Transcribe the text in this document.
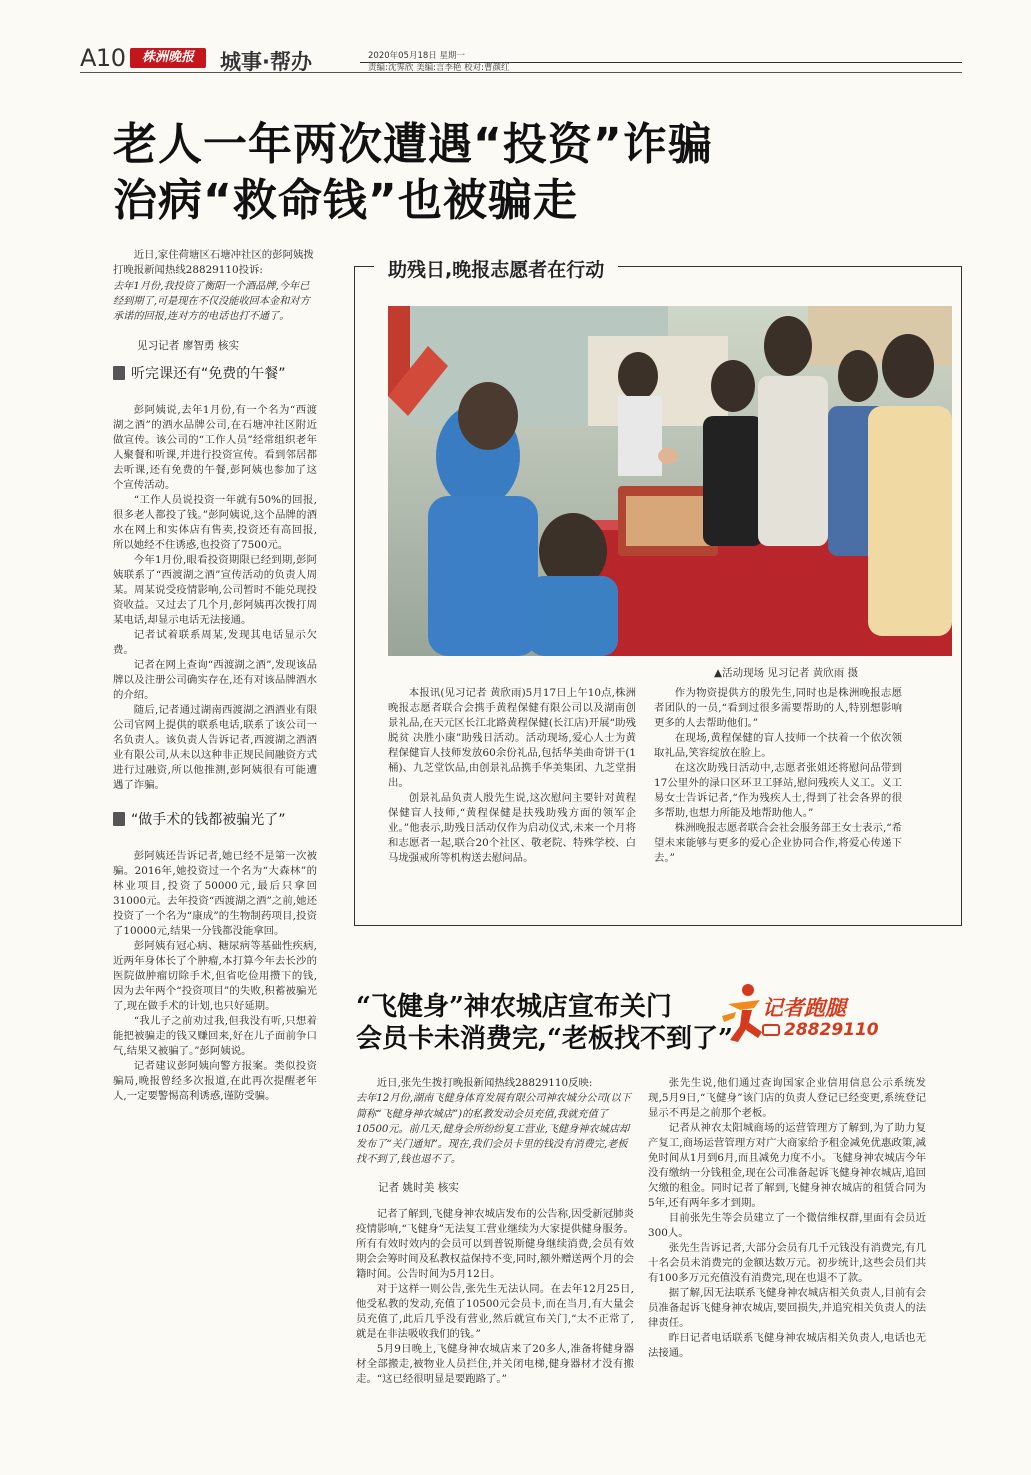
A10	株洲晚报	城事·帮办	2020年05月18日 星期一
责编:沈霁欣 美编:言李艳 校对:曹颜红
老人一年两次遭遇“投资”诈骗
治病“救命钱”也被骗走

近日,家住荷塘区石塘冲社区的彭阿姨拨打晚报新闻热线28829110投诉:

去年1月份,我投资了衡阳一个酒品牌,今年已经到期了,可是现在不仅没能收回本金和对方承诺的回报,连对方的电话也打不通了。

见习记者 廖智勇 核实

听完课还有“免费的午餐”

彭阿姨说,去年1月份,有一个名为“西渡湖之酒”的酒水品牌公司,在石塘冲社区附近做宣传。该公司的“工作人员”经常组织老年人聚餐和听课,并进行投资宣传。看到邻居都去听课,还有免费的午餐,彭阿姨也参加了这个宣传活动。

“工作人员说投资一年就有50%的回报,很多老人都投了钱。”彭阿姨说,这个品牌的酒水在网上和实体店有售卖,投资还有高回报,所以她经不住诱惑,也投资了7500元。

今年1月份,眼看投资期限已经到期,彭阿姨联系了“西渡湖之酒”宣传活动的负责人周某。周某说受疫情影响,公司暂时不能兑现投资收益。又过去了几个月,彭阿姨再次拨打周某电话,却显示电话无法接通。

记者试着联系周某,发现其电话显示欠费。

记者在网上查询“西渡湖之酒”,发现该品牌以及注册公司确实存在,还有对该品牌酒水的介绍。

随后,记者通过湖南西渡湖之酒酒业有限公司官网上提供的联系电话,联系了该公司一名负责人。该负责人告诉记者,西渡湖之酒酒业有限公司,从未以这种非正规民间融资方式进行过融资,所以他推测,彭阿姨很有可能遭遇了诈骗。

“做手术的钱都被骗光了”

彭阿姨还告诉记者,她已经不是第一次被骗。2016年,她投资过一个名为“大森林”的林业项目,投资了50000元,最后只拿回31000元。去年投资“西渡湖之酒”之前,她还投资了一个名为“康成”的生物制药项目,投资了10000元,结果一分钱都没能拿回。

彭阿姨有冠心病、糖尿病等基础性疾病,近两年身体长了个肿瘤,本打算今年去长沙的医院做肿瘤切除手术,但省吃俭用攒下的钱,因为去年两个“投资项目”的失败,积蓄被骗光了,现在做手术的计划,也只好延期。

“我儿子之前劝过我,但我没有听,只想着能把被骗走的钱又赚回来,好在儿子面前争口气,结果又被骗了。”彭阿姨说。

记者建议彭阿姨向警方报案。类似投资骗局,晚报曾经多次报道,在此再次提醒老年人,一定要警惕高利诱惑,谨防受骗。

助残日,晚报志愿者在行动
▲活动现场 见习记者 黄欣雨 摄

本报讯(见习记者 黄欣雨)5月17日上午10点,株洲晚报志愿者联合会携手黄程保健有限公司以及湖南创景礼品,在天元区长江北路黄程保健(长江店)开展“助残脱贫 决胜小康”助残日活动。活动现场,爱心人士为黄程保健盲人技师发放60余份礼品,包括华美曲奇饼干(1桶)、九芝堂饮品,由创景礼品携手华美集团、九芝堂捐出。

创景礼品负责人殷先生说,这次慰问主要针对黄程保健盲人技师,“黄程保健是扶残助残方面的领军企业。”他表示,助残日活动仅作为启动仪式,未来一个月将和志愿者一起,联合20个社区、敬老院、特殊学校、白马垅强戒所等机构送去慰问品。

作为物资提供方的殷先生,同时也是株洲晚报志愿者团队的一员,“看到过很多需要帮助的人,特别想影响更多的人去帮助他们。”

在现场,黄程保健的盲人技师一个扶着一个依次领取礼品,笑容绽放在脸上。

在这次助残日活动中,志愿者张姐还将慰问品带到17公里外的渌口区环卫工驿站,慰问残疾人义工。义工易女士告诉记者,“作为残疾人士,得到了社会各界的很多帮助,也想力所能及地帮助他人。”

株洲晚报志愿者联合会社会服务部王女士表示,“希望未来能够与更多的爱心企业协同合作,将爱心传递下去。”

“飞健身”神农城店宣布关门
会员卡未消费完,“老板找不到了”
记者跑腿
28829110

近日,张先生拨打晚报新闻热线28829110反映:

去年12月份,湖南飞健身体育发展有限公司神农城分公司(以下简称“飞健身神农城店”)的私教发动会员充值,我就充值了10500元。前几天,健身会所纷纷复工营业,飞健身神农城店却发布了“关门通知”。现在,我们会员卡里的钱没有消费完,老板找不到了,钱也退不了。

记者 姚时美 核实

记者了解到,飞健身神农城店发布的公告称,因受新冠肺炎疫情影响,“飞健身”无法复工营业继续为大家提供健身服务。所有有效时效内的会员可以到普锐斯健身继续消费,会员有效期会会筹时间及私教权益保持不变,同时,额外赠送两个月的会籍时间。公告时间为5月12日。

对于这样一则公告,张先生无法认同。在去年12月25日,他受私教的发动,充值了10500元会员卡,而在当月,有大量会员充值了,此后几乎没有营业,然后就宣布关门,“太不正常了,就是在非法吸收我们的钱。”

5月9日晚上,飞健身神农城店来了20多人,准备将健身器材全部搬走,被物业人员拦住,并关闭电梯,健身器材才没有搬走。“这已经很明显是要跑路了。”

张先生说,他们通过查询国家企业信用信息公示系统发现,5月9日,“飞健身”该门店的负责人登记已经变更,系统登记显示不再是之前那个老板。

记者从神农太阳城商场的运营管理方了解到,为了助力复产复工,商场运营管理方对广大商家给予租金减免优惠政策,减免时间从1月到6月,而且减免力度不小。飞健身神农城店今年没有缴纳一分钱租金,现在公司准备起诉飞健身神农城店,追回欠缴的租金。同时记者了解到,飞健身神农城店的租赁合同为5年,还有两年多才到期。

目前张先生等会员建立了一个微信维权群,里面有会员近300人。

张先生告诉记者,大部分会员有几千元钱没有消费完,有几十名会员未消费完的金额达数万元。初步统计,这些会员们共有100多万元充值没有消费完,现在也退不了款。

据了解,因无法联系飞健身神农城店相关负责人,目前有会员准备起诉飞健身神农城店,要回损失,并追究相关负责人的法律责任。

昨日记者电话联系飞健身神农城店相关负责人,电话也无法接通。
